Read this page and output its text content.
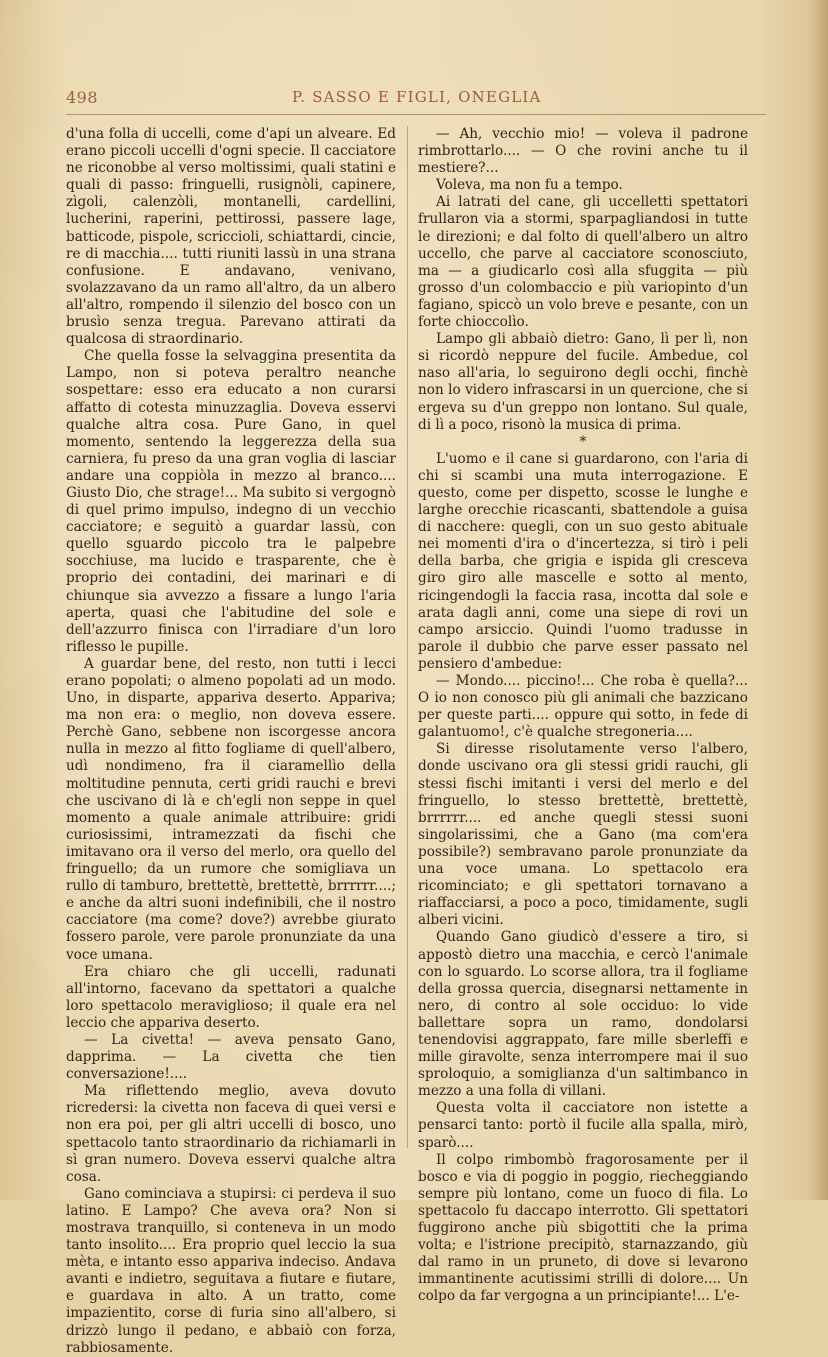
498	P. SASSO E FIGLI, ONEGLIA

d'una folla di uccelli, come d'api un alveare. Ed erano piccoli uccelli d'ogni specie. Il cacciatore ne riconobbe al verso moltissimi, quali statini e quali di passo: fringuelli, rusignòli, capinere, zìgoli, calenzòli, montanelli, cardellini, lucherini, raperini, pettirossi, passere lage, batticode, pispole, scriccioli, schiattardi, cincie, re di macchia.... tutti riuniti lassù in una strana confusione. E andavano, venivano, svolazzavano da un ramo all'altro, da un albero all'altro, rompendo il silenzio del bosco con un brusìo senza tregua. Parevano attirati da qualcosa di straordinario.

Che quella fosse la selvaggina presentita da Lampo, non si poteva peraltro neanche sospettare: esso era educato a non curarsi affatto di cotesta minuzzaglia. Doveva esservi qualche altra cosa. Pure Gano, in quel momento, sentendo la leggerezza della sua carniera, fu preso da una gran voglia di lasciar andare una coppiòla in mezzo al branco.... Giusto Dio, che strage!... Ma subito si vergognò di quel primo impulso, indegno di un vecchio cacciatore; e seguitò a guardar lassù, con quello sguardo piccolo tra le palpebre socchiuse, ma lucido e trasparente, che è proprio dei contadini, dei marinari e di chiunque sia avvezzo a fissare a lungo l'aria aperta, quasi che l'abitudine del sole e dell'azzurro finisca con l'irradiare d'un loro riflesso le pupille.

A guardar bene, del resto, non tutti i lecci erano popolati; o almeno popolati ad un modo. Uno, in disparte, appariva deserto. Appariva; ma non era: o meglio, non doveva essere. Perchè Gano, sebbene non iscorgesse ancora nulla in mezzo al fitto fogliame di quell'albero, udì nondimeno, fra il ciaramellìo della moltitudine pennuta, certi gridi rauchi e brevi che uscivano di là e ch'egli non seppe in quel momento a quale animale attribuire: gridi curiosissimi, intramezzati da fischi che imitavano ora il verso del merlo, ora quello del fringuello; da un rumore che somigliava un rullo di tamburo, brettettè, brettettè, brrrrrr....; e anche da altri suoni indefinibili, che il nostro cacciatore (ma come? dove?) avrebbe giurato fossero parole, vere parole pronunziate da una voce umana.

Era chiaro che gli uccelli, radunati all'intorno, facevano da spettatori a qualche loro spettacolo meraviglioso; il quale era nel leccio che appariva deserto.

— La civetta! — aveva pensato Gano, dapprima. — La civetta che tien conversazione!....

Ma riflettendo meglio, aveva dovuto ricredersi: la civetta non faceva di quei versi e non era poi, per gli altri uccelli di bosco, uno spettacolo tanto straordinario da richiamarli in sì gran numero. Doveva esservi qualche altra cosa.

Gano cominciava a stupirsi: ci perdeva il suo latino. E Lampo? Che aveva ora? Non si mostrava tranquillo, si conteneva in un modo tanto insolito.... Era proprio quel leccio la sua mèta, e intanto esso appariva indeciso. Andava avanti e indietro, seguitava a fiutare e fiutare, e guardava in alto. A un tratto, come impazientito, corse di furia sino all'albero, si drizzò lungo il pedano, e abbaiò con forza, rabbiosamente.

— Ah, vecchio mio! — voleva il padrone rimbrottarlo.... — O che rovini anche tu il mestiere?...

Voleva, ma non fu a tempo.

Ai latrati del cane, gli uccelletti spettatori frullaron via a stormi, sparpagliandosi in tutte le direzioni; e dal folto di quell'albero un altro uccello, che parve al cacciatore sconosciuto, ma — a giudicarlo così alla sfuggita — più grosso d'un colombaccio e più variopinto d'un fagiano, spiccò un volo breve e pesante, con un forte chioccolìo.

Lampo gli abbaiò dietro: Gano, lì per lì, non si ricordò neppure del fucile. Ambedue, col naso all'aria, lo seguirono degli occhi, finchè non lo videro infrascarsi in un quercione, che si ergeva su d'un greppo non lontano. Sul quale, di lì a poco, risonò la musica di prima.

*

L'uomo e il cane si guardarono, con l'aria di chi si scambi una muta interrogazione. E questo, come per dispetto, scosse le lunghe e larghe orecchie ricascanti, sbattendole a guisa di nacchere: quegli, con un suo gesto abituale nei momenti d'ira o d'incertezza, si tirò i peli della barba, che grigia e ispida gli cresceva giro giro alle mascelle e sotto al mento, ricingendogli la faccia rasa, incotta dal sole e arata dagli anni, come una siepe di rovi un campo arsiccio. Quindi l'uomo tradusse in parole il dubbio che parve esser passato nel pensiero d'ambedue:

— Mondo.... piccino!... Che roba è quella?... O io non conosco più gli animali che bazzicano per queste parti.... oppure qui sotto, in fede di galantuomo!, c'è qualche stregoneria....

Si diresse risolutamente verso l'albero, donde uscivano ora gli stessi gridi rauchi, gli stessi fischi imitanti i versi del merlo e del fringuello, lo stesso brettettè, brettettè, brrrrrr.... ed anche quegli stessi suoni singolarissimi, che a Gano (ma com'era possibile?) sembravano parole pronunziate da una voce umana. Lo spettacolo era ricominciato; e gli spettatori tornavano a riaffacciarsi, a poco a poco, timidamente, sugli alberi vicini.

Quando Gano giudicò d'essere a tiro, si appostò dietro una macchia, e cercò l'animale con lo sguardo. Lo scorse allora, tra il fogliame della grossa quercia, disegnarsi nettamente in nero, di contro al sole occiduo: lo vide ballettare sopra un ramo, dondolarsi tenendovisi aggrappato, fare mille sberleffi e mille giravolte, senza interrompere mai il suo sproloquio, a somiglianza d'un saltimbanco in mezzo a una folla di villani.

Questa volta il cacciatore non istette a pensarci tanto: portò il fucile alla spalla, mirò, sparò....

Il colpo rimbombò fragorosamente per il bosco e via di poggio in poggio, riecheggiando sempre più lontano, come un fuoco di fila. Lo spettacolo fu daccapo interrotto. Gli spettatori fuggirono anche più sbigottiti che la prima volta; e l'istrione precipitò, starnazzando, giù dal ramo in un pruneto, di dove si levarono immantinente acutissimi strilli di dolore.... Un colpo da far vergogna a un principiante!... L'e-
